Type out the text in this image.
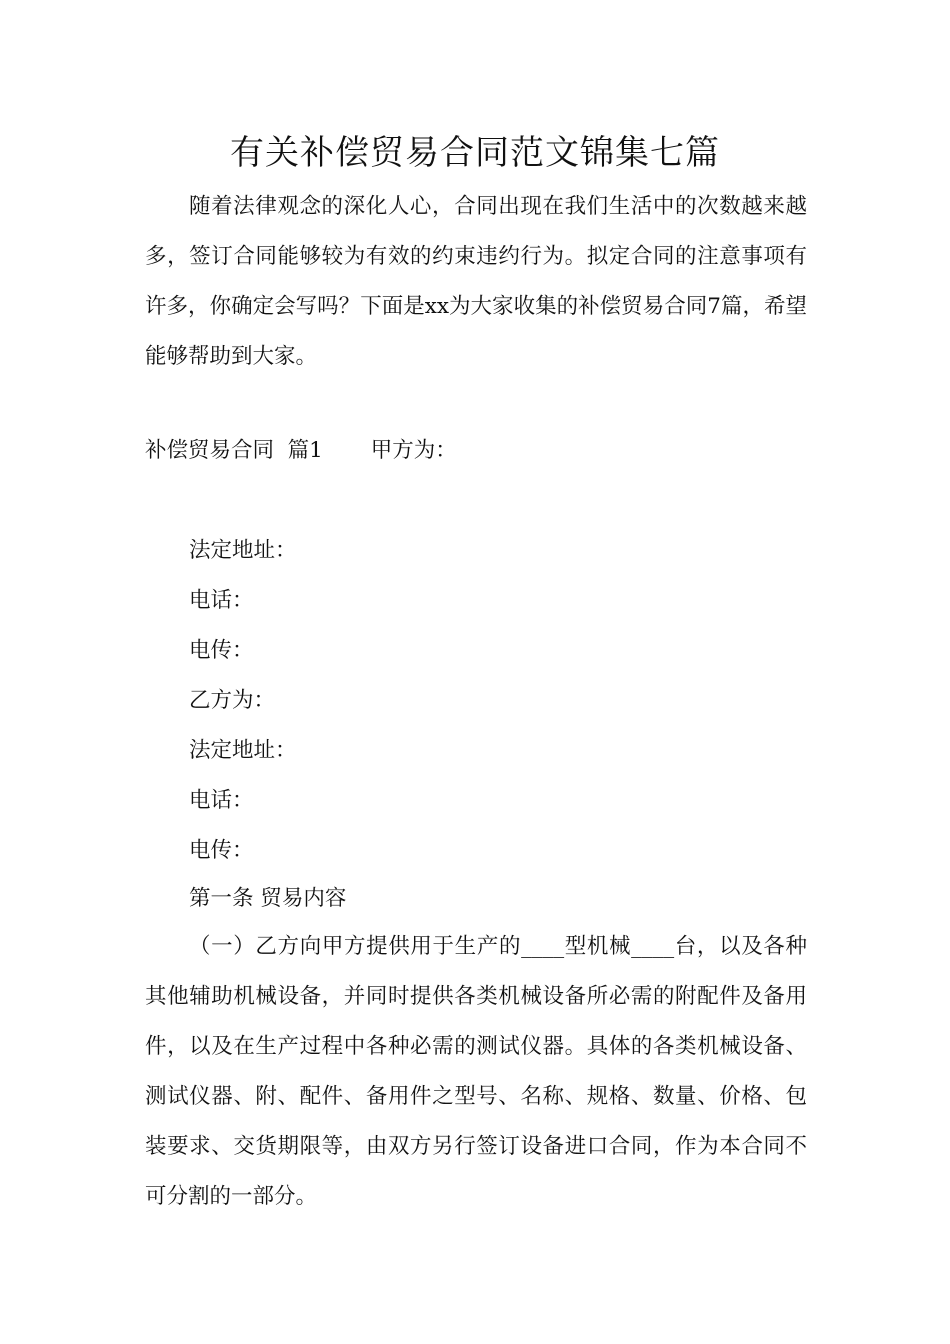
有关补偿贸易合同范文锦集七篇

随着法律观念的深化人心，合同出现在我们生活中的次数越来越多，签订合同能够较为有效的约束违约行为。拟定合同的注意事项有许多，你确定会写吗？下面是xx为大家收集的补偿贸易合同7篇，希望能够帮助到大家。

补偿贸易合同  篇1       甲方为：

法定地址：

电话：

电传：

乙方为：

法定地址：

电话：

电传：

第一条 贸易内容

（一）乙方向甲方提供用于生产的____型机械____台，以及各种其他辅助机械设备，并同时提供各类机械设备所必需的附配件及备用件，以及在生产过程中各种必需的测试仪器。具体的各类机械设备、测试仪器、附、配件、备用件之型号、名称、规格、数量、价格、包装要求、交货期限等，由双方另行签订设备进口合同，作为本合同不可分割的一部分。
